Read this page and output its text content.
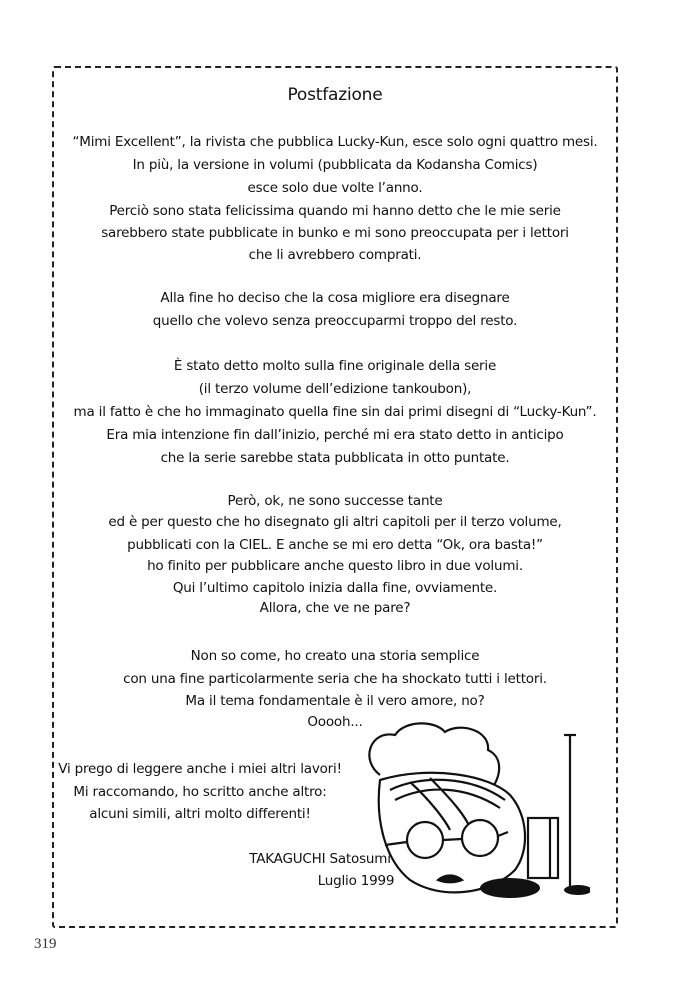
Postfazione
“Mimi Excellent”, la rivista che pubblica Lucky-Kun, esce solo ogni quattro mesi.
In più, la versione in volumi (pubblicata da Kodansha Comics)
esce solo due volte l’anno.
Perciò sono stata felicissima quando mi hanno detto che le mie serie
sarebbero state pubblicate in bunko e mi sono preoccupata per i lettori
che li avrebbero comprati.
Alla fine ho deciso che la cosa migliore era disegnare
quello che volevo senza preoccuparmi troppo del resto.
È stato detto molto sulla fine originale della serie
(il terzo volume dell’edizione tankoubon),
ma il fatto è che ho immaginato quella fine sin dai primi disegni di “Lucky-Kun”.
Era mia intenzione fin dall’inizio, perché mi era stato detto in anticipo
che la serie sarebbe stata pubblicata in otto puntate.
Però, ok, ne sono successe tante
ed è per questo che ho disegnato gli altri capitoli per il terzo volume,
pubblicati con la CIEL. E anche se mi ero detta “Ok, ora basta!”
ho finito per pubblicare anche questo libro in due volumi.
Qui l’ultimo capitolo inizia dalla fine, ovviamente.
Allora, che ve ne pare?
Non so come, ho creato una storia semplice
con una fine particolarmente seria che ha shockato tutti i lettori.
Ma il tema fondamentale è il vero amore, no?
Ooooh...
Vi prego di leggere anche i miei altri lavori!
Mi raccomando, ho scritto anche altro:
alcuni simili, altri molto differenti!
TAKAGUCHI Satosumi
Luglio 1999
319
